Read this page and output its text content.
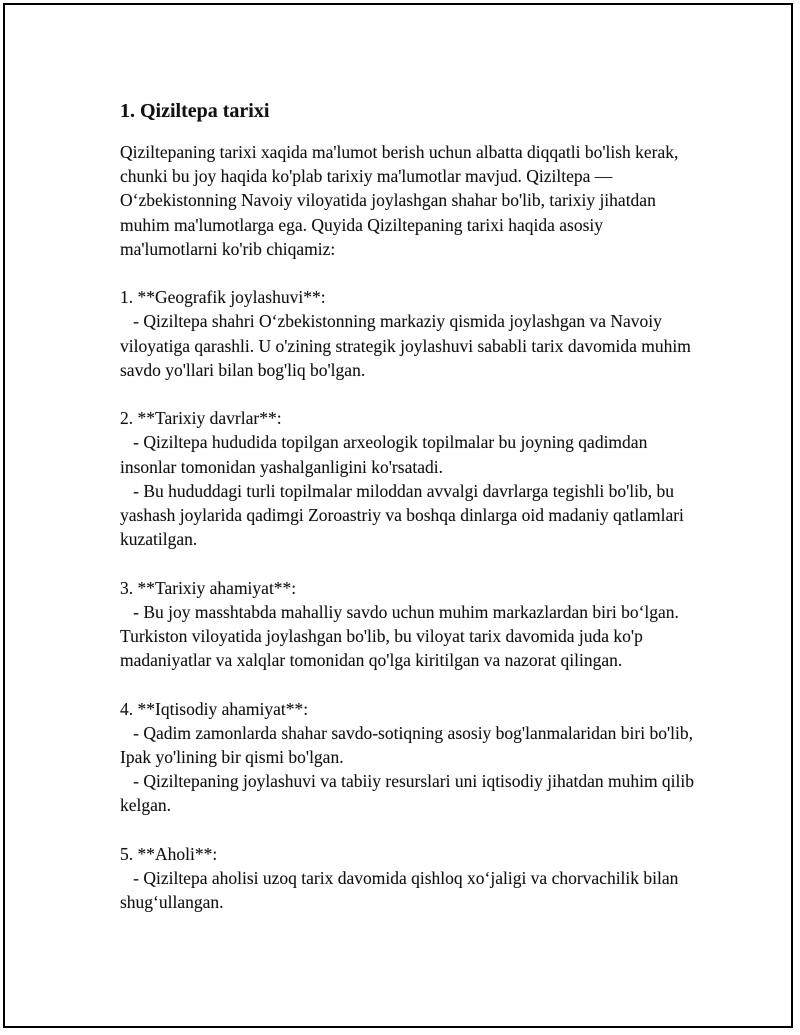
1. Qiziltepa tarixi
Qiziltepaning tarixi xaqida ma'lumot berish uchun albatta diqqatli bo'lish kerak, chunki bu joy haqida ko'plab tarixiy ma'lumotlar mavjud. Qiziltepa — O‘zbekistonning Navoiy viloyatida joylashgan shahar bo'lib, tarixiy jihatdan muhim ma'lumotlarga ega. Quyida Qiziltepaning tarixi haqida asosiy ma'lumotlarni ko'rib chiqamiz:
1. **Geografik joylashuvi**:
- Qiziltepa shahri O‘zbekistonning markaziy qismida joylashgan va Navoiy viloyatiga qarashli. U o'zining strategik joylashuvi sababli tarix davomida muhim savdo yo'llari bilan bog'liq bo'lgan.
2. **Tarixiy davrlar**:
- Qiziltepa hududida topilgan arxeologik topilmalar bu joyning qadimdan insonlar tomonidan yashalganligini ko'rsatadi.
- Bu hududdagi turli topilmalar miloddan avvalgi davrlarga tegishli bo'lib, bu yashash joylarida qadimgi Zoroastriy va boshqa dinlarga oid madaniy qatlamlari kuzatilgan.
3. **Tarixiy ahamiyat**:
- Bu joy masshtabda mahalliy savdo uchun muhim markazlardan biri bo‘lgan. Turkiston viloyatida joylashgan bo'lib, bu viloyat tarix davomida juda ko'p madaniyatlar va xalqlar tomonidan qo'lga kiritilgan va nazorat qilingan.
4. **Iqtisodiy ahamiyat**:
- Qadim zamonlarda shahar savdo-sotiqning asosiy bog'lanmalaridan biri bo'lib, Ipak yo'lining bir qismi bo'lgan.
- Qiziltepaning joylashuvi va tabiiy resurslari uni iqtisodiy jihatdan muhim qilib kelgan.
5. **Aholi**:
- Qiziltepa aholisi uzoq tarix davomida qishloq xo‘jaligi va chorvachilik bilan shug‘ullangan.
